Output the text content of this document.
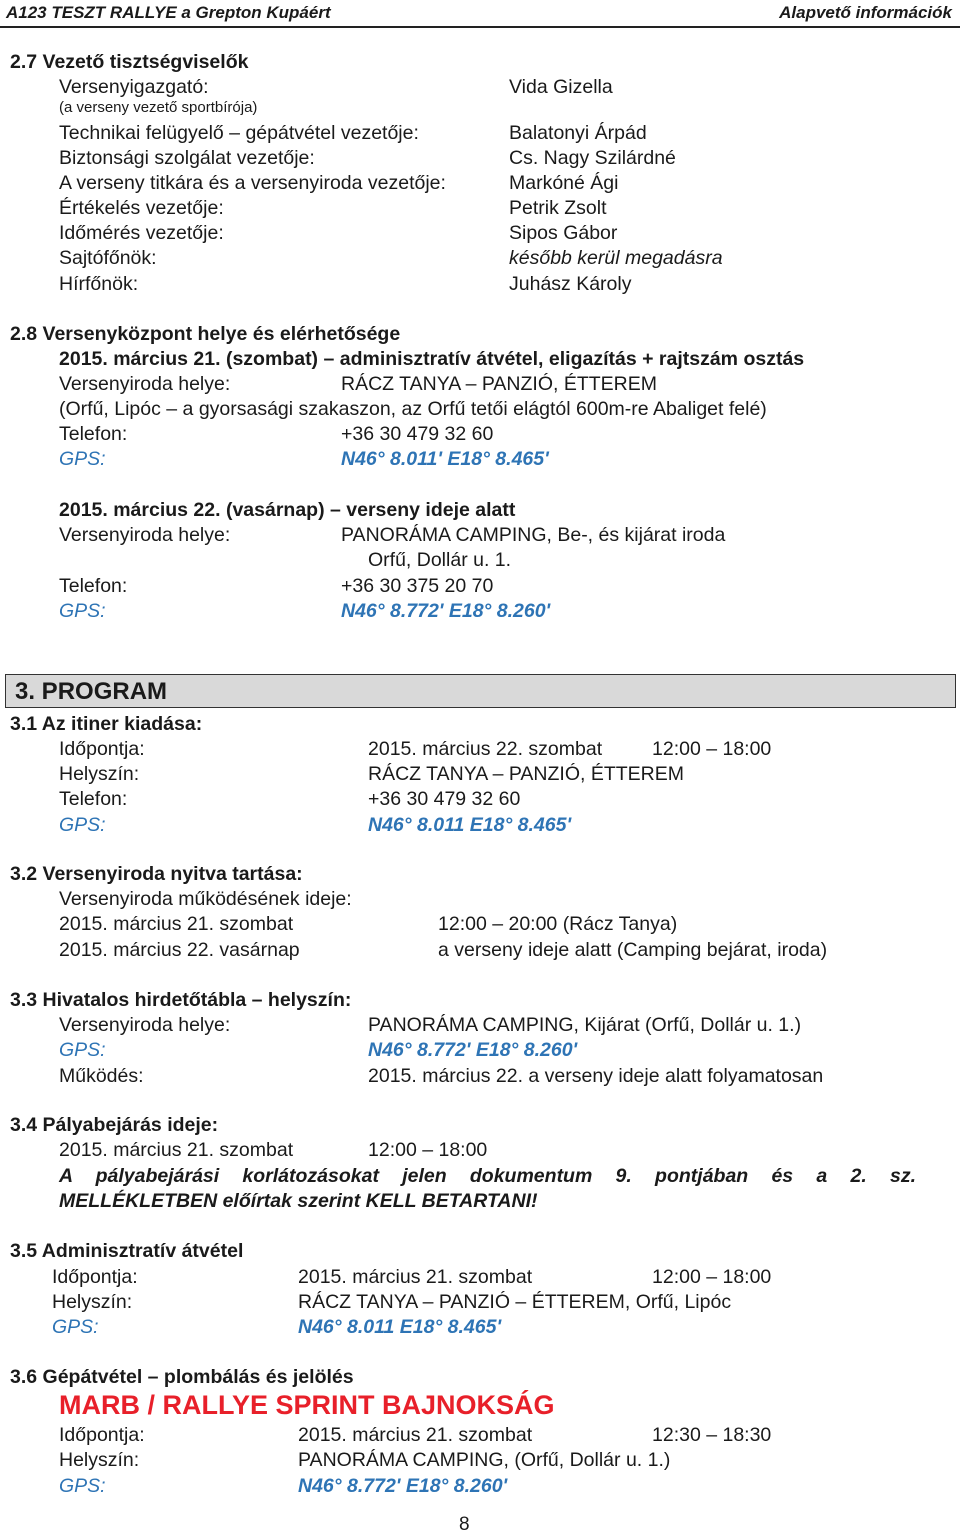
A123 TESZT RALLYE a Grepton Kupáért	Alapvető információk
2.7 Vezető tisztségviselők
Versenyigazgató:	Vida Gizella
(a verseny vezető sportbírója)
Technikai felügyelő – gépátvétel vezetője:	Balatonyi Árpád
Biztonsági szolgálat vezetője:	Cs. Nagy Szilárdné
A verseny titkára és a versenyiroda vezetője:	Markóné Ági
Értékelés vezetője:	Petrik Zsolt
Időmérés vezetője:	Sipos Gábor
Sajtófőnök:	később kerül megadásra
Hírfőnök:	Juhász Károly
2.8 Versenyközpont helye és elérhetősége
2015. március 21. (szombat) – adminisztratív átvétel, eligazítás + rajtszám osztás
Versenyiroda helye:	RÁCZ TANYA – PANZIÓ, ÉTTEREM
(Orfű, Lipóc – a gyorsasági szakaszon, az Orfű tetői elágtól 600m-re Abaliget felé)
Telefon:	+36 30 479 32 60
GPS:	N46° 8.011' E18° 8.465'
2015. március 22. (vasárnap) – verseny ideje alatt
Versenyiroda helye:	PANORÁMA CAMPING, Be-, és kijárat iroda
Orfű, Dollár u. 1.
Telefon:	+36 30 375 20 70
GPS:	N46° 8.772' E18° 8.260'
3. PROGRAM
3.1 Az itiner kiadása:
Időpontja:	2015. március 22. szombat	12:00 – 18:00
Helyszín:	RÁCZ TANYA – PANZIÓ, ÉTTEREM
Telefon:	+36 30 479 32 60
GPS:	N46° 8.011 E18° 8.465'
3.2 Versenyiroda nyitva tartása:
Versenyiroda működésének ideje:
2015. március 21. szombat	12:00 – 20:00 (Rácz Tanya)
2015. március 22. vasárnap	a verseny ideje alatt (Camping bejárat, iroda)
3.3 Hivatalos hirdetőtábla – helyszín:
Versenyiroda helye:	PANORÁMA CAMPING, Kijárat (Orfű, Dollár u. 1.)
GPS:	N46° 8.772' E18° 8.260'
Működés:	2015. március 22. a verseny ideje alatt folyamatosan
3.4 Pályabejárás ideje:
2015. március 21. szombat	12:00 – 18:00
A pályabejárási korlátozásokat jelen dokumentum 9. pontjában és a 2. sz.
MELLÉKLETBEN előírtak szerint KELL BETARTANI!
3.5 Adminisztratív átvétel
Időpontja:	2015. március 21. szombat	12:00 – 18:00
Helyszín:	RÁCZ TANYA – PANZIÓ – ÉTTEREM, Orfű, Lipóc
GPS:	N46° 8.011 E18° 8.465'
3.6 Gépátvétel – plombálás és jelölés
MARB / RALLYE SPRINT BAJNOKSÁG
Időpontja:	2015. március 21. szombat	12:30 – 18:30
Helyszín:	PANORÁMA CAMPING, (Orfű, Dollár u. 1.)
GPS:	N46° 8.772' E18° 8.260'
8
